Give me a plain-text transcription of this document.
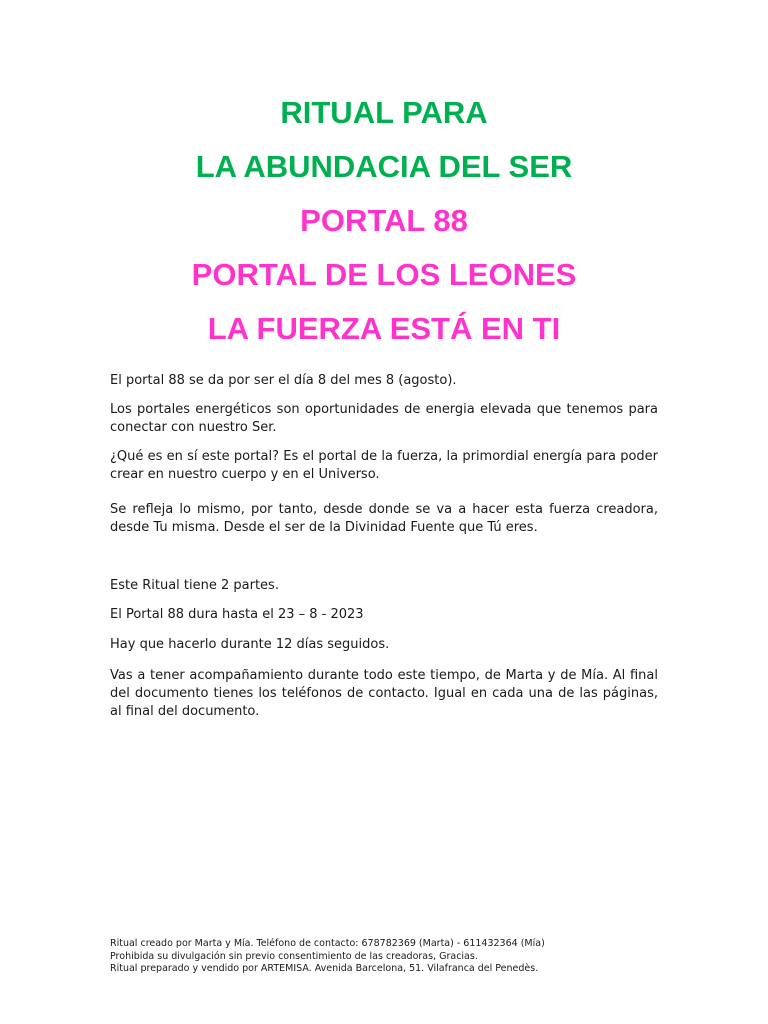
RITUAL PARA
LA ABUNDACIA DEL SER
PORTAL 88
PORTAL DE LOS LEONES
LA FUERZA ESTÁ EN TI

El portal 88 se da por ser el día 8 del mes 8 (agosto).

Los portales energéticos son oportunidades de energia elevada que tenemos para conectar con nuestro Ser.

¿Qué es en sí este portal? Es el portal de la fuerza, la primordial energía para poder crear en nuestro cuerpo y en el Universo.

Se refleja lo mismo, por tanto, desde donde se va a hacer esta fuerza creadora, desde Tu misma. Desde el ser de la Divinidad Fuente que Tú eres.

Este Ritual tiene 2 partes.

El Portal 88 dura hasta el 23 – 8 - 2023

Hay que hacerlo durante 12 días seguidos.

Vas a tener acompañamiento durante todo este tiempo, de Marta y de Mía. Al final del documento tienes los teléfonos de contacto. Igual en cada una de las páginas, al final del documento.

Ritual creado por Marta y Mía. Teléfono de contacto: 678782369 (Marta) - 611432364 (Mía)
Prohibida su divulgación sin previo consentimiento de las creadoras, Gracias.
Ritual preparado y vendido por ARTEMISA. Avenida Barcelona, 51. Vilafranca del Penedès.
